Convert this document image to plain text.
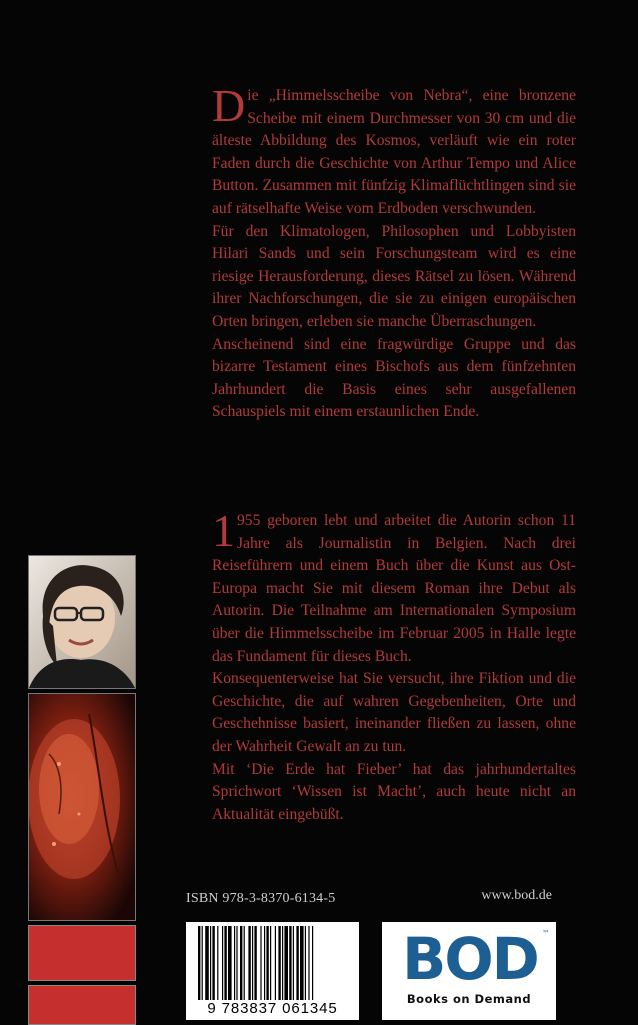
Die „Himmelsscheibe von Nebra“, eine bronzene Scheibe mit einem Durchmesser von 30 cm und die älteste Abbildung des Kosmos, verläuft wie ein roter Faden durch die Geschichte von Arthur Tempo und Alice Button. Zusammen mit fünfzig Klimaflüchtlingen sind sie auf rätselhafte Weise vom Erdboden verschwunden.

Für den Klimatologen, Philosophen und Lobbyisten Hilari Sands und sein Forschungsteam wird es eine riesige Herausforderung, dieses Rätsel zu lösen. Während ihrer Nachforschungen, die sie zu einigen europäischen Orten bringen, erleben sie manche Überraschungen.

Anscheinend sind eine fragwürdige Gruppe und das bizarre Testament eines Bischofs aus dem fünfzehnten Jahrhundert die Basis eines sehr ausgefallenen Schauspiels mit einem erstaunlichen Ende.

1 955 geboren lebt und arbeitet die Autorin schon 11 Jahre als Journalistin in Belgien. Nach drei Reiseführern und einem Buch über die Kunst aus Ost-Europa macht Sie mit diesem Roman ihre Debut als Autorin. Die Teilnahme am Internationalen Symposium über die Himmelsscheibe im Februar 2005 in Halle legte das Fundament für dieses Buch.

Konsequenterweise hat Sie versucht, ihre Fiktion und die Geschichte, die auf wahren Gegebenheiten, Orte und Geschehnisse basiert, ineinander fließen zu lassen, ohne der Wahrheit Gewalt an zu tun.

Mit ‘Die Erde hat Fieber’ hat das jahrhundertaltes Sprichwort ‘Wissen ist Macht’, auch heute nicht an Aktualität eingebüßt.

ISBN 978-3-8370-6134-5	www.bod.de
9 783837 061345
BOD ™
Books on Demand
